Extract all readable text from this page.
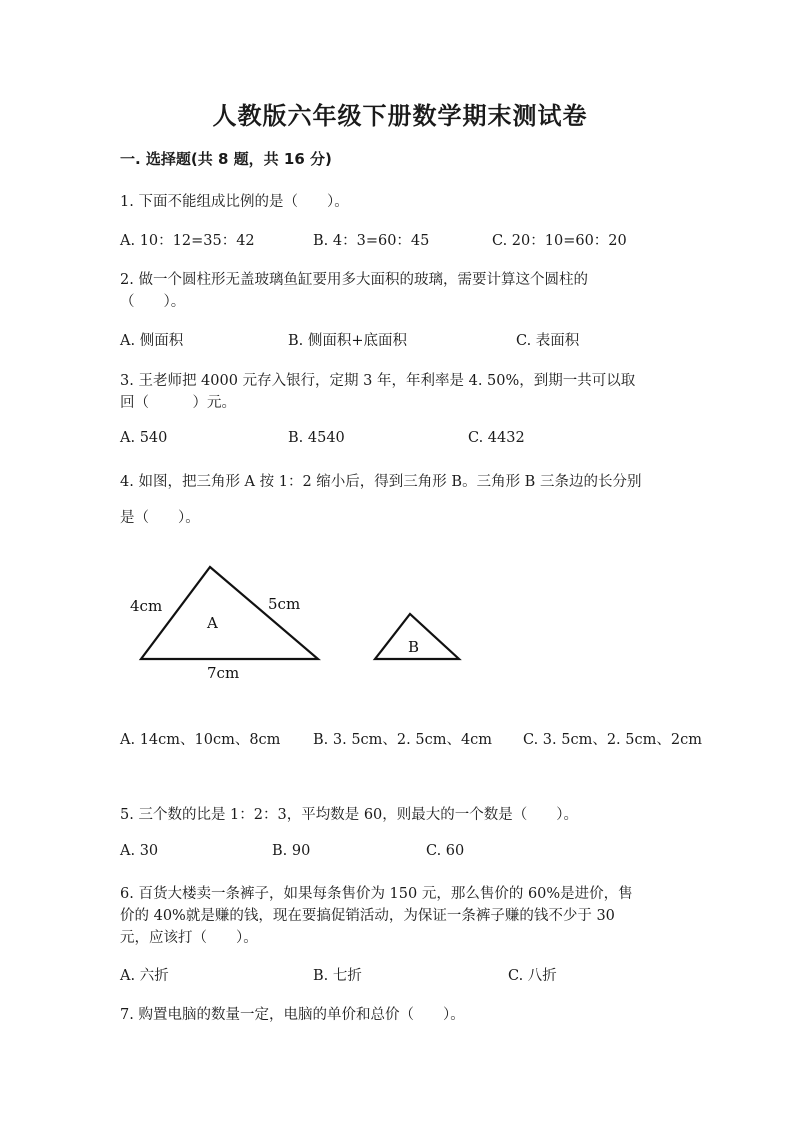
人教版六年级下册数学期末测试卷
一. 选择题(共 8 题，共 16 分)
1. 下面不能组成比例的是（　　）。
A. 10：12=35：42	B. 4：3=60：45	C. 20：10=60：20
2. 做一个圆柱形无盖玻璃鱼缸要用多大面积的玻璃，需要计算这个圆柱的
（　　）。
A. 侧面积	B. 侧面积+底面积	C. 表面积
3. 王老师把 4000 元存入银行，定期 3 年，年利率是 4. 50%，到期一共可以取
回（　　　）元。
A. 540	B. 4540	C. 4432
4. 如图，把三角形 A 按 1：2 缩小后，得到三角形 B。三角形 B 三条边的长分别
是（　　）。
A
4cm	5cm
7cm
B
A. 14cm、10cm、8cm B. 3. 5cm、2. 5cm、4cm C. 3. 5cm、2. 5cm、2cm
5. 三个数的比是 1：2：3，平均数是 60，则最大的一个数是（　　）。
A. 30	B. 90	C. 60
6. 百货大楼卖一条裤子，如果每条售价为 150 元，那么售价的 60%是进价，售
价的 40%就是赚的钱，现在要搞促销活动，为保证一条裤子赚的钱不少于 30
元，应该打（　　）。
A. 六折	B. 七折	C. 八折
7. 购置电脑的数量一定，电脑的单价和总价（　　）。
